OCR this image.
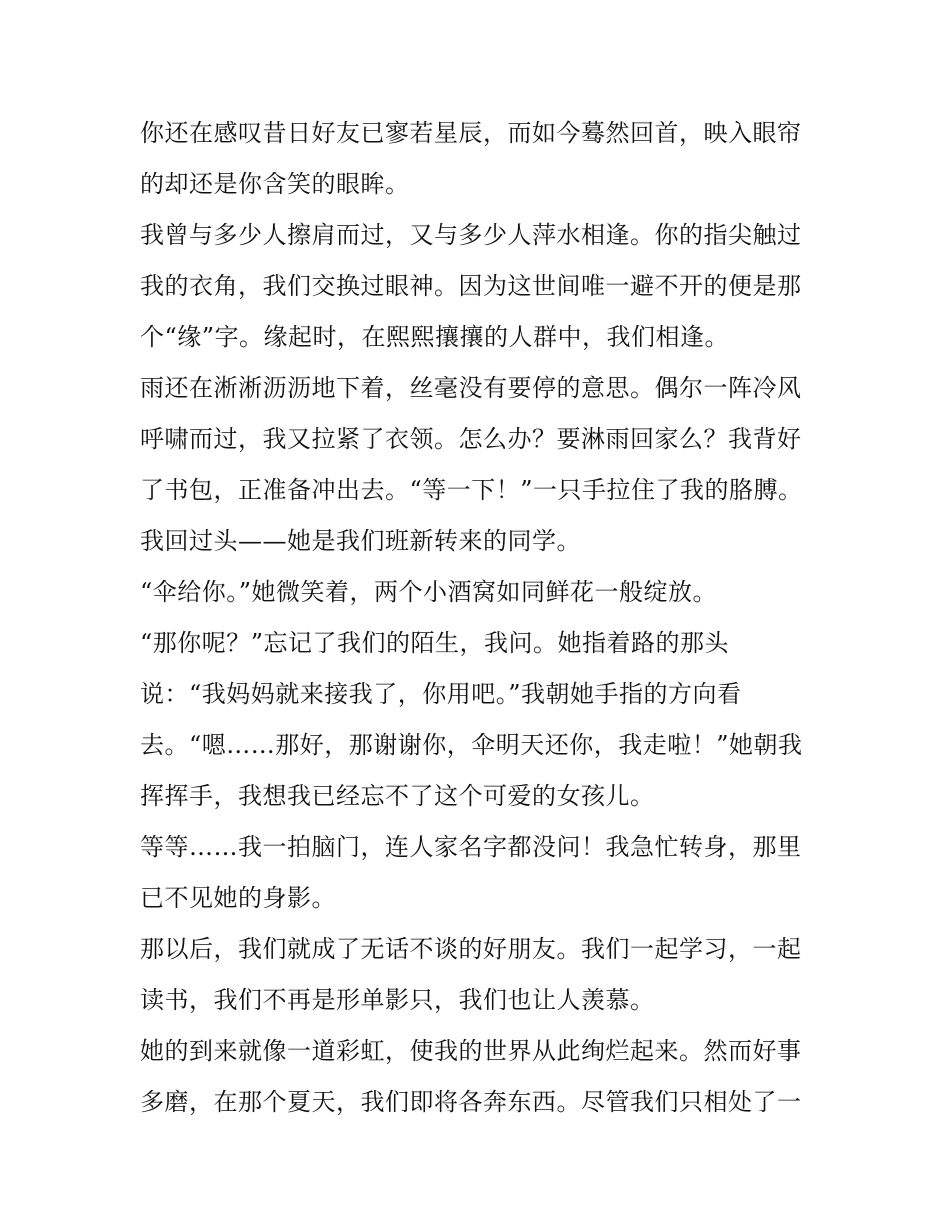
你还在感叹昔日好友已寥若星辰，而如今蓦然回首，映入眼帘
的却还是你含笑的眼眸。
我曾与多少人擦肩而过，又与多少人萍水相逢。你的指尖触过
我的衣角，我们交换过眼神。因为这世间唯一避不开的便是那
个“缘”字。缘起时，在熙熙攘攘的人群中，我们相逢。
雨还在淅淅沥沥地下着，丝毫没有要停的意思。偶尔一阵冷风
呼啸而过，我又拉紧了衣领。怎么办？要淋雨回家么？我背好
了书包，正准备冲出去。“等一下！”一只手拉住了我的胳膊。
我回过头——她是我们班新转来的同学。
“伞给你。”她微笑着，两个小酒窝如同鲜花一般绽放。
“那你呢？”忘记了我们的陌生，我问。她指着路的那头
说：“我妈妈就来接我了，你用吧。”我朝她手指的方向看
去。“嗯……那好，那谢谢你，伞明天还你，我走啦！”她朝我
挥挥手，我想我已经忘不了这个可爱的女孩儿。
等等……我一拍脑门，连人家名字都没问！我急忙转身，那里
已不见她的身影。
那以后，我们就成了无话不谈的好朋友。我们一起学习，一起
读书，我们不再是形单影只，我们也让人羡慕。
她的到来就像一道彩虹，使我的世界从此绚烂起来。然而好事
多磨，在那个夏天，我们即将各奔东西。尽管我们只相处了一
